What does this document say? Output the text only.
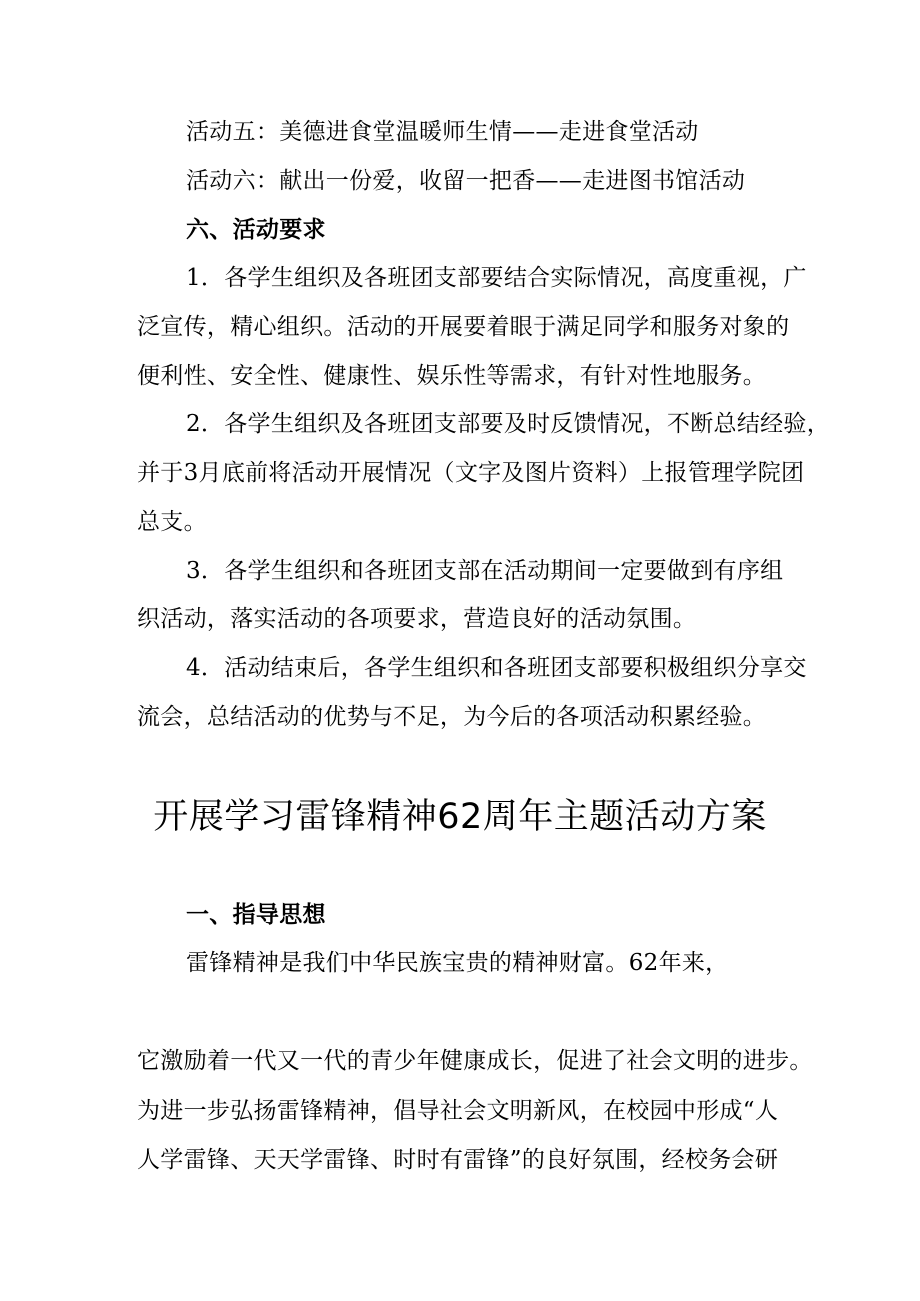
活动五：美德进食堂温暖师生情——走进食堂活动
活动六：献出一份爱，收留一把香——走进图书馆活动
六、活动要求
1．各学生组织及各班团支部要结合实际情况，高度重视，广
泛宣传，精心组织。活动的开展要着眼于满足同学和服务对象的
便利性、安全性、健康性、娱乐性等需求，有针对性地服务。
2．各学生组织及各班团支部要及时反馈情况，不断总结经验，
并于3月底前将活动开展情况（文字及图片资料）上报管理学院团
总支。
3．各学生组织和各班团支部在活动期间一定要做到有序组
织活动，落实活动的各项要求，营造良好的活动氛围。
4．活动结束后，各学生组织和各班团支部要积极组织分享交
流会，总结活动的优势与不足，为今后的各项活动积累经验。
开展学习雷锋精神62周年主题活动方案
一、指导思想
雷锋精神是我们中华民族宝贵的精神财富。62年来，
它激励着一代又一代的青少年健康成长，促进了社会文明的进步。
为进一步弘扬雷锋精神，倡导社会文明新风，在校园中形成“人
人学雷锋、天天学雷锋、时时有雷锋”的良好氛围，经校务会研
